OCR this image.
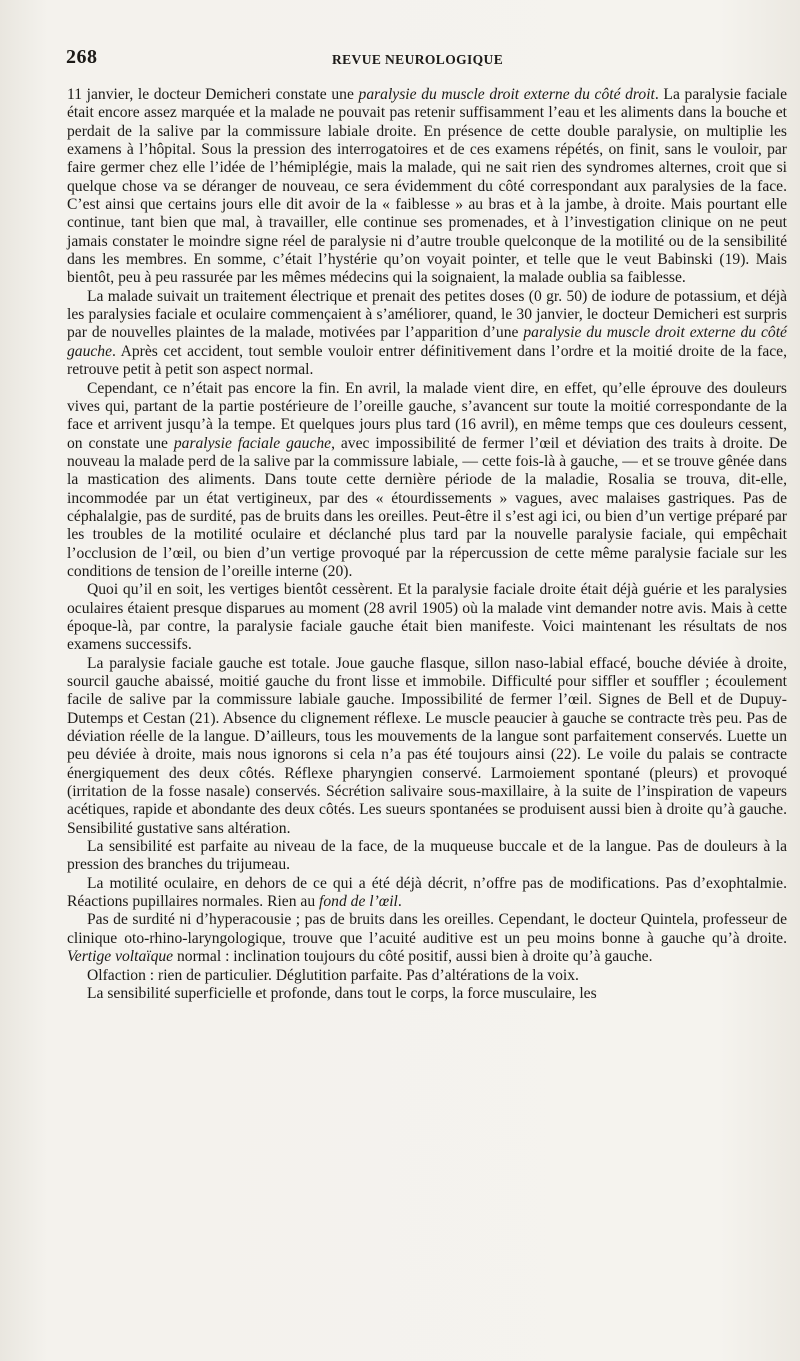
268	REVUE NEUROLOGIQUE

11 janvier, le docteur Demicheri constate une paralysie du muscle droit externe du côté droit. La paralysie faciale était encore assez marquée et la malade ne pouvait pas retenir suffisamment l’eau et les aliments dans la bouche et perdait de la salive par la commissure labiale droite. En présence de cette double paralysie, on multiplie les examens à l’hôpital. Sous la pression des interrogatoires et de ces examens répétés, on finit, sans le vouloir, par faire germer chez elle l’idée de l’hémiplégie, mais la malade, qui ne sait rien des syndromes alternes, croit que si quelque chose va se déranger de nouveau, ce sera évidemment du côté correspondant aux paralysies de la face. C’est ainsi que certains jours elle dit avoir de la « faiblesse » au bras et à la jambe, à droite. Mais pourtant elle continue, tant bien que mal, à travailler, elle continue ses promenades, et à l’investigation clinique on ne peut jamais constater le moindre signe réel de paralysie ni d’autre trouble quelconque de la motilité ou de la sensibilité dans les membres. En somme, c’était l’hystérie qu’on voyait pointer, et telle que le veut Babinski (19). Mais bientôt, peu à peu rassurée par les mêmes médecins qui la soignaient, la malade oublia sa faiblesse.

La malade suivait un traitement électrique et prenait des petites doses (0 gr. 50) de iodure de potassium, et déjà les paralysies faciale et oculaire commençaient à s’améliorer, quand, le 30 janvier, le docteur Demicheri est surpris par de nouvelles plaintes de la malade, motivées par l’apparition d’une paralysie du muscle droit externe du côté gauche. Après cet accident, tout semble vouloir entrer définitivement dans l’ordre et la moitié droite de la face, retrouve petit à petit son aspect normal.

Cependant, ce n’était pas encore la fin. En avril, la malade vient dire, en effet, qu’elle éprouve des douleurs vives qui, partant de la partie postérieure de l’oreille gauche, s’avancent sur toute la moitié correspondante de la face et arrivent jusqu’à la tempe. Et quelques jours plus tard (16 avril), en même temps que ces douleurs cessent, on constate une paralysie faciale gauche, avec impossibilité de fermer l’œil et déviation des traits à droite. De nouveau la malade perd de la salive par la commissure labiale, — cette fois-là à gauche, — et se trouve gênée dans la mastication des aliments. Dans toute cette dernière période de la maladie, Rosalia se trouva, dit-elle, incommodée par un état vertigineux, par des « étourdissements » vagues, avec malaises gastriques. Pas de céphalalgie, pas de surdité, pas de bruits dans les oreilles. Peut-être il s’est agi ici, ou bien d’un vertige préparé par les troubles de la motilité oculaire et déclanché plus tard par la nouvelle paralysie faciale, qui empêchait l’occlusion de l’œil, ou bien d’un vertige provoqué par la répercussion de cette même paralysie faciale sur les conditions de tension de l’oreille interne (20).

Quoi qu’il en soit, les vertiges bientôt cessèrent. Et la paralysie faciale droite était déjà guérie et les paralysies oculaires étaient presque disparues au moment (28 avril 1905) où la malade vint demander notre avis. Mais à cette époque-là, par contre, la paralysie faciale gauche était bien manifeste. Voici maintenant les résultats de nos examens successifs.

La paralysie faciale gauche est totale. Joue gauche flasque, sillon naso-labial effacé, bouche déviée à droite, sourcil gauche abaissé, moitié gauche du front lisse et immobile. Difficulté pour siffler et souffler ; écoulement facile de salive par la commissure labiale gauche. Impossibilité de fermer l’œil. Signes de Bell et de Dupuy-Dutemps et Cestan (21). Absence du clignement réflexe. Le muscle peaucier à gauche se contracte très peu. Pas de déviation réelle de la langue. D’ailleurs, tous les mouvements de la langue sont parfaitement conservés. Luette un peu déviée à droite, mais nous ignorons si cela n’a pas été toujours ainsi (22). Le voile du palais se contracte énergiquement des deux côtés. Réflexe pharyngien conservé. Larmoiement spontané (pleurs) et provoqué (irritation de la fosse nasale) conservés. Sécrétion salivaire sous-maxillaire, à la suite de l’inspiration de vapeurs acétiques, rapide et abondante des deux côtés. Les sueurs spontanées se produisent aussi bien à droite qu’à gauche. Sensibilité gustative sans altération.

La sensibilité est parfaite au niveau de la face, de la muqueuse buccale et de la langue. Pas de douleurs à la pression des branches du trijumeau.

La motilité oculaire, en dehors de ce qui a été déjà décrit, n’offre pas de modifications. Pas d’exophtalmie. Réactions pupillaires normales. Rien au fond de l’œil.

Pas de surdité ni d’hyperacousie ; pas de bruits dans les oreilles. Cependant, le docteur Quintela, professeur de clinique oto-rhino-laryngologique, trouve que l’acuité auditive est un peu moins bonne à gauche qu’à droite. Vertige voltaïque normal : inclination toujours du côté positif, aussi bien à droite qu’à gauche.

Olfaction : rien de particulier. Déglutition parfaite. Pas d’altérations de la voix.

La sensibilité superficielle et profonde, dans tout le corps, la force musculaire, les
